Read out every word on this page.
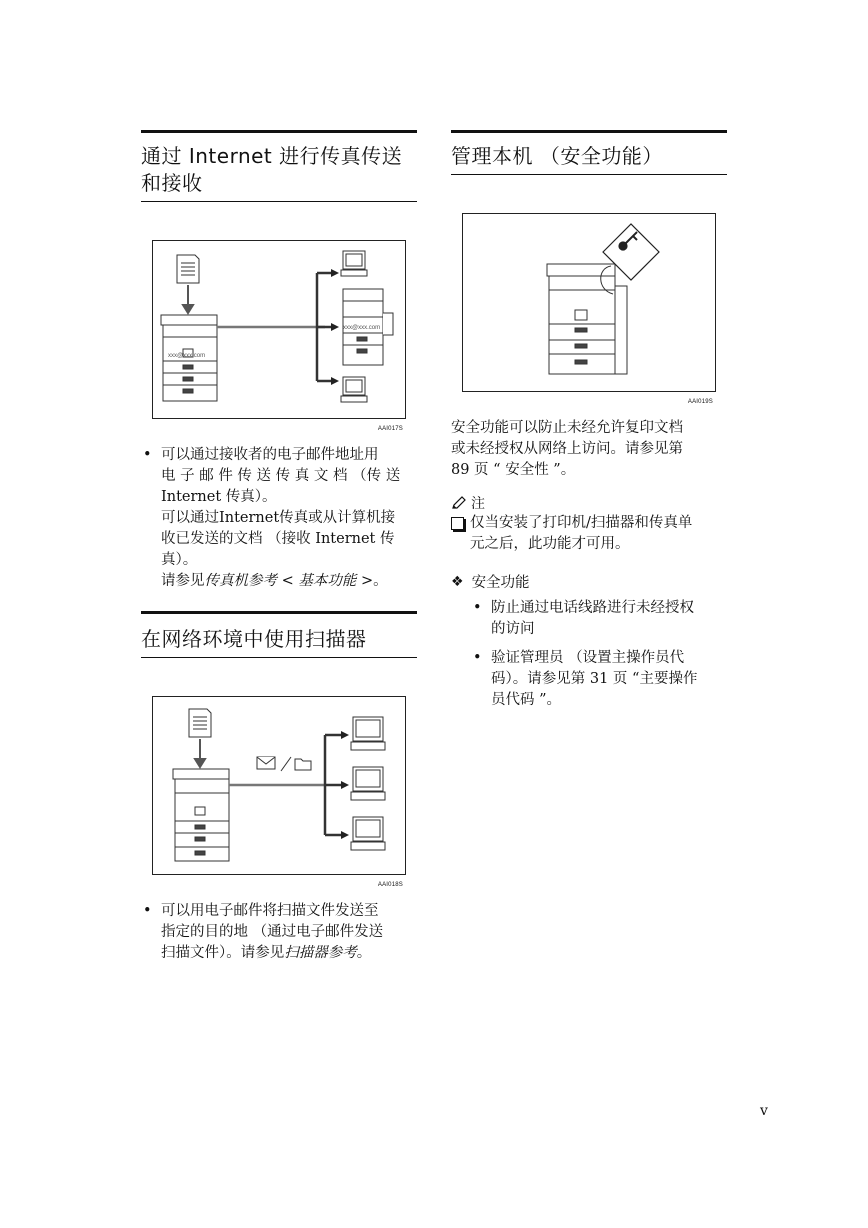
通过 Internet 进行传真传送
和接收
xxx@xxx.com
xxx@xxx.com
AAI017S
• 可以通过接收者的电子邮件地址用
电 子 邮 件 传 送 传 真 文 档 （传 送
Internet 传真）。
可以通过Internet传真或从计算机接
收已发送的文档 （接收 Internet 传
真）。
请参见传真机参考 < 基本功能 >。
在网络环境中使用扫描器
AAI018S
• 可以用电子邮件将扫描文件发送至
指定的目的地 （通过电子邮件发送
扫描文件）。请参见扫描器参考。
管理本机 （安全功能）
AAI019S
安全功能可以防止未经允许复印文档
或未经授权从网络上访问。请参见第
89 页 “ 安全性 ”。
注
仅当安装了打印机/扫描器和传真单
元之后，此功能才可用。
❖ 安全功能
• 防止通过电话线路进行未经授权
的访问
• 验证管理员 （设置主操作员代
码）。请参见第 31 页 “主要操作
员代码 ”。
v
